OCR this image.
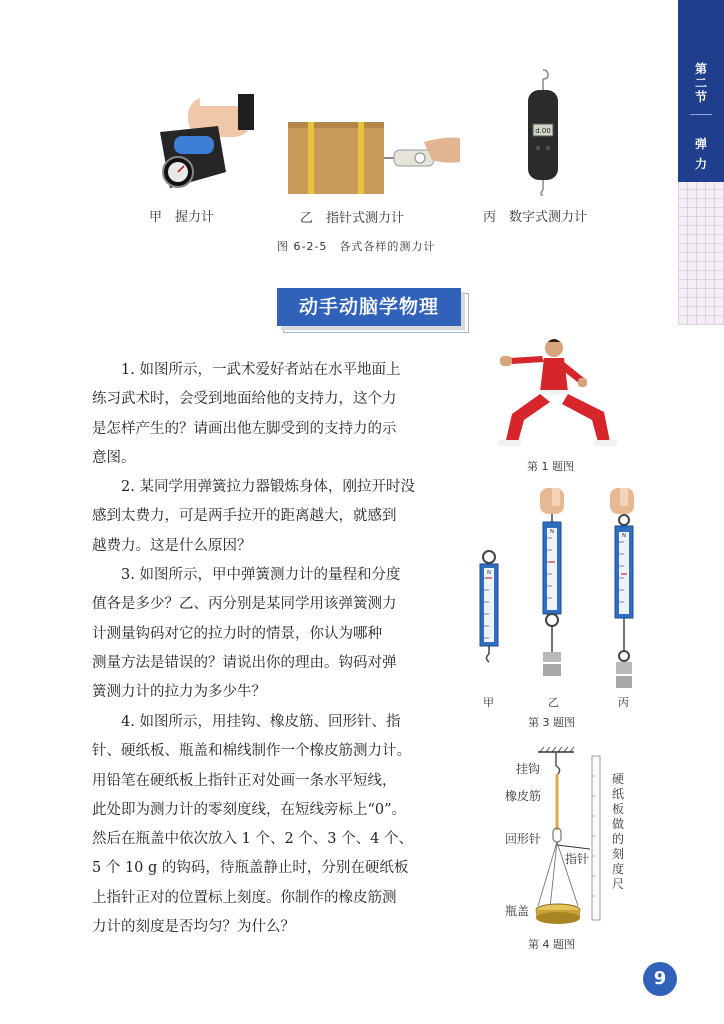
第
二
节
弹
力
d.00
甲　握力计	乙　指针式测力计	丙　数字式测力计
图 6-2-5　各式各样的测力计
动手动脑学物理
1. 如图所示，一武术爱好者站在水平地面上
练习武术时，会受到地面给他的支持力，这个力
是怎样产生的？请画出他左脚受到的支持力的示
意图。
2. 某同学用弹簧拉力器锻炼身体，刚拉开时没
感到太费力，可是两手拉开的距离越大，就感到
越费力。这是什么原因？
3. 如图所示，甲中弹簧测力计的量程和分度
值各是多少？乙、丙分别是某同学用该弹簧测力
计测量钩码对它的拉力时的情景，你认为哪种
测量方法是错误的？请说出你的理由。钩码对弹
簧测力计的拉力为多少牛？
4. 如图所示，用挂钩、橡皮筋、回形针、指
针、硬纸板、瓶盖和棉线制作一个橡皮筋测力计。
用铅笔在硬纸板上指针正对处画一条水平短线，
此处即为测力计的零刻度线，在短线旁标上“0”。
然后在瓶盖中依次放入 1 个、2 个、3 个、4 个、
5 个 10 g 的钩码，待瓶盖静止时，分别在硬纸板
上指针正对的位置标上刻度。你制作的橡皮筋测
力计的刻度是否均匀？为什么？
第 1 题图
N
N
N
甲	乙	丙
第 3 题图
挂钩
橡皮筋
回形针
指针
瓶盖
硬纸板做的刻度尺
第 4 题图
9
